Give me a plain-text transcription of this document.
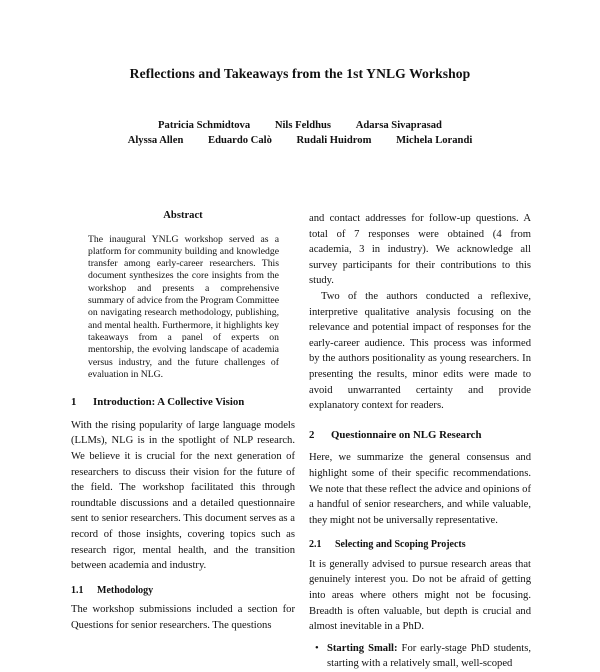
Reflections and Takeaways from the 1st YNLG Workshop
Patricia Schmidtova Nils Feldhus Adarsa Sivaprasad
Alyssa Allen Eduardo Calò Rudali Huidrom Michela Lorandi
Abstract

The inaugural YNLG workshop served as a platform for community building and knowledge transfer among early-career researchers. This document synthesizes the core insights from the workshop and presents a comprehensive summary of advice from the Program Committee on navigating research methodology, publishing, and mental health. Furthermore, it highlights key takeaways from a panel of experts on mentorship, the evolving landscape of academia versus industry, and the future challenges of evaluation in NLG.

1	Introduction: A Collective Vision

With the rising popularity of large language models (LLMs), NLG is in the spotlight of NLP research. We believe it is crucial for the next generation of researchers to discuss their vision for the future of the field. The workshop facilitated this through roundtable discussions and a detailed questionnaire sent to senior researchers. This document serves as a record of those insights, covering topics such as research rigor, mental health, and the transition between academia and industry.

1.1	Methodology

The workshop submissions included a section for Questions for senior researchers. The questions

and contact addresses for follow-up questions. A total of 7 responses were obtained (4 from academia, 3 in industry). We acknowledge all survey participants for their contributions to this study.

Two of the authors conducted a reflexive, interpretive qualitative analysis focusing on the relevance and potential impact of responses for the early-career audience. This process was informed by the authors positionality as young researchers. In presenting the results, minor edits were made to avoid unwarranted certainty and provide explanatory context for readers.

2	Questionnaire on NLG Research

Here, we summarize the general consensus and highlight some of their specific recommendations. We note that these reflect the advice and opinions of a handful of senior researchers, and while valuable, they might not be universally representative.

2.1	Selecting and Scoping Projects

It is generally advised to pursue research areas that genuinely interest you. Do not be afraid of getting into areas where others might not be focusing. Breadth is often valuable, but depth is crucial and almost inevitable in a PhD.

• Starting Small: For early-stage PhD students, starting with a relatively small, well-scoped
